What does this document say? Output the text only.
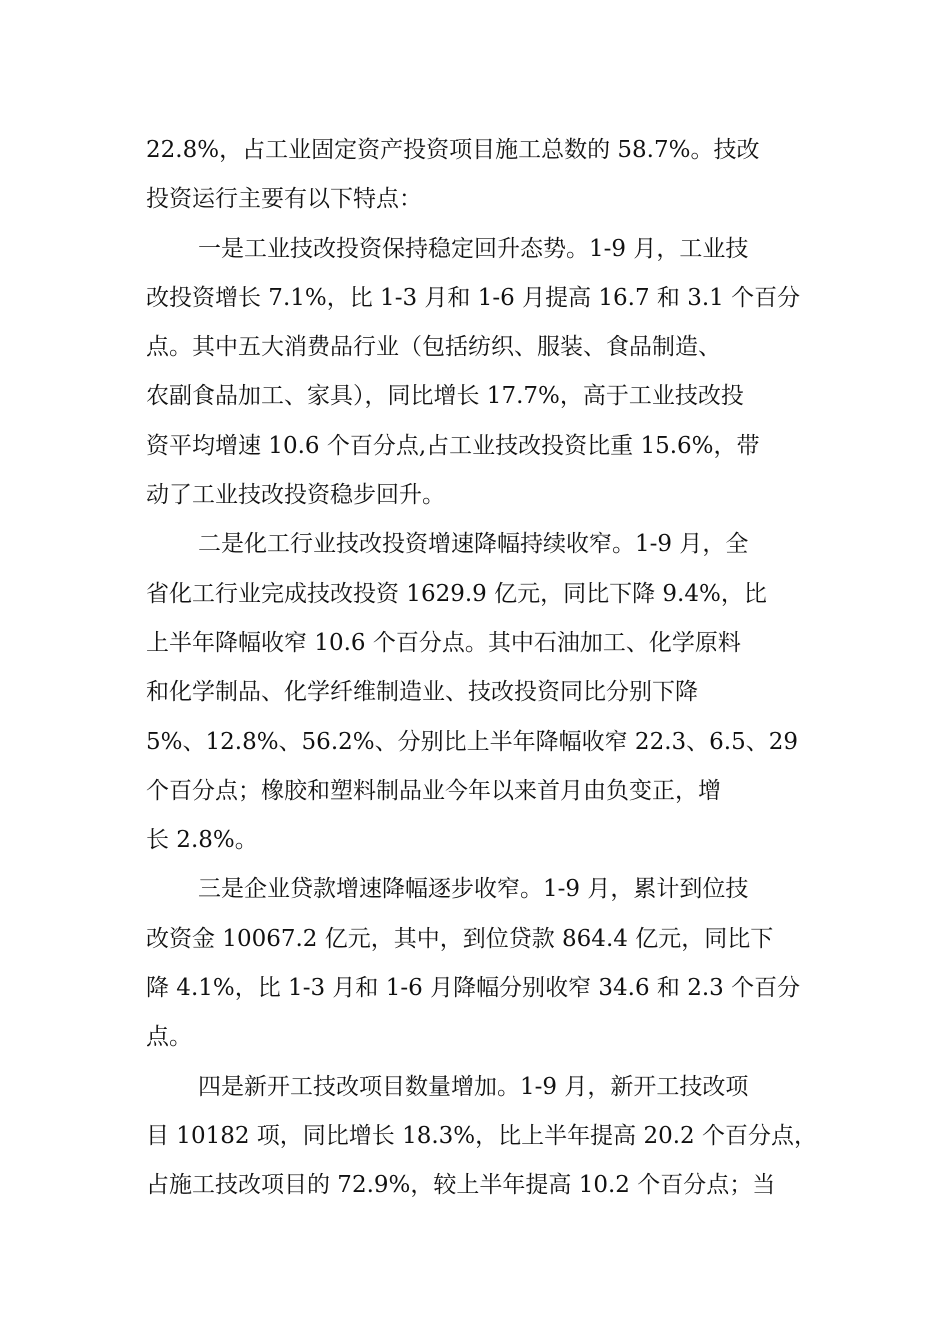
22.8%，占工业固定资产投资项目施工总数的 58.7%。技改
投资运行主要有以下特点：
一是工业技改投资保持稳定回升态势。1-9 月，工业技
改投资增长 7.1%，比 1-3 月和 1-6 月提高 16.7 和 3.1 个百分
点。其中五大消费品行业（包括纺织、服装、食品制造、
农副食品加工、家具），同比增长 17.7%，高于工业技改投
资平均增速 10.6 个百分点,占工业技改投资比重 15.6%，带
动了工业技改投资稳步回升。
二是化工行业技改投资增速降幅持续收窄。1-9 月，全
省化工行业完成技改投资 1629.9 亿元，同比下降 9.4%，比
上半年降幅收窄 10.6 个百分点。其中石油加工、化学原料
和化学制品、化学纤维制造业、技改投资同比分别下降
5%、12.8%、56.2%、分别比上半年降幅收窄 22.3、6.5、29
个百分点；橡胶和塑料制品业今年以来首月由负变正，增
长 2.8%。
三是企业贷款增速降幅逐步收窄。1-9 月，累计到位技
改资金 10067.2 亿元，其中，到位贷款 864.4 亿元，同比下
降 4.1%，比 1-3 月和 1-6 月降幅分别收窄 34.6 和 2.3 个百分
点。
四是新开工技改项目数量增加。1-9 月，新开工技改项
目 10182 项，同比增长 18.3%，比上半年提高 20.2 个百分点，
占施工技改项目的 72.9%，较上半年提高 10.2 个百分点；当
